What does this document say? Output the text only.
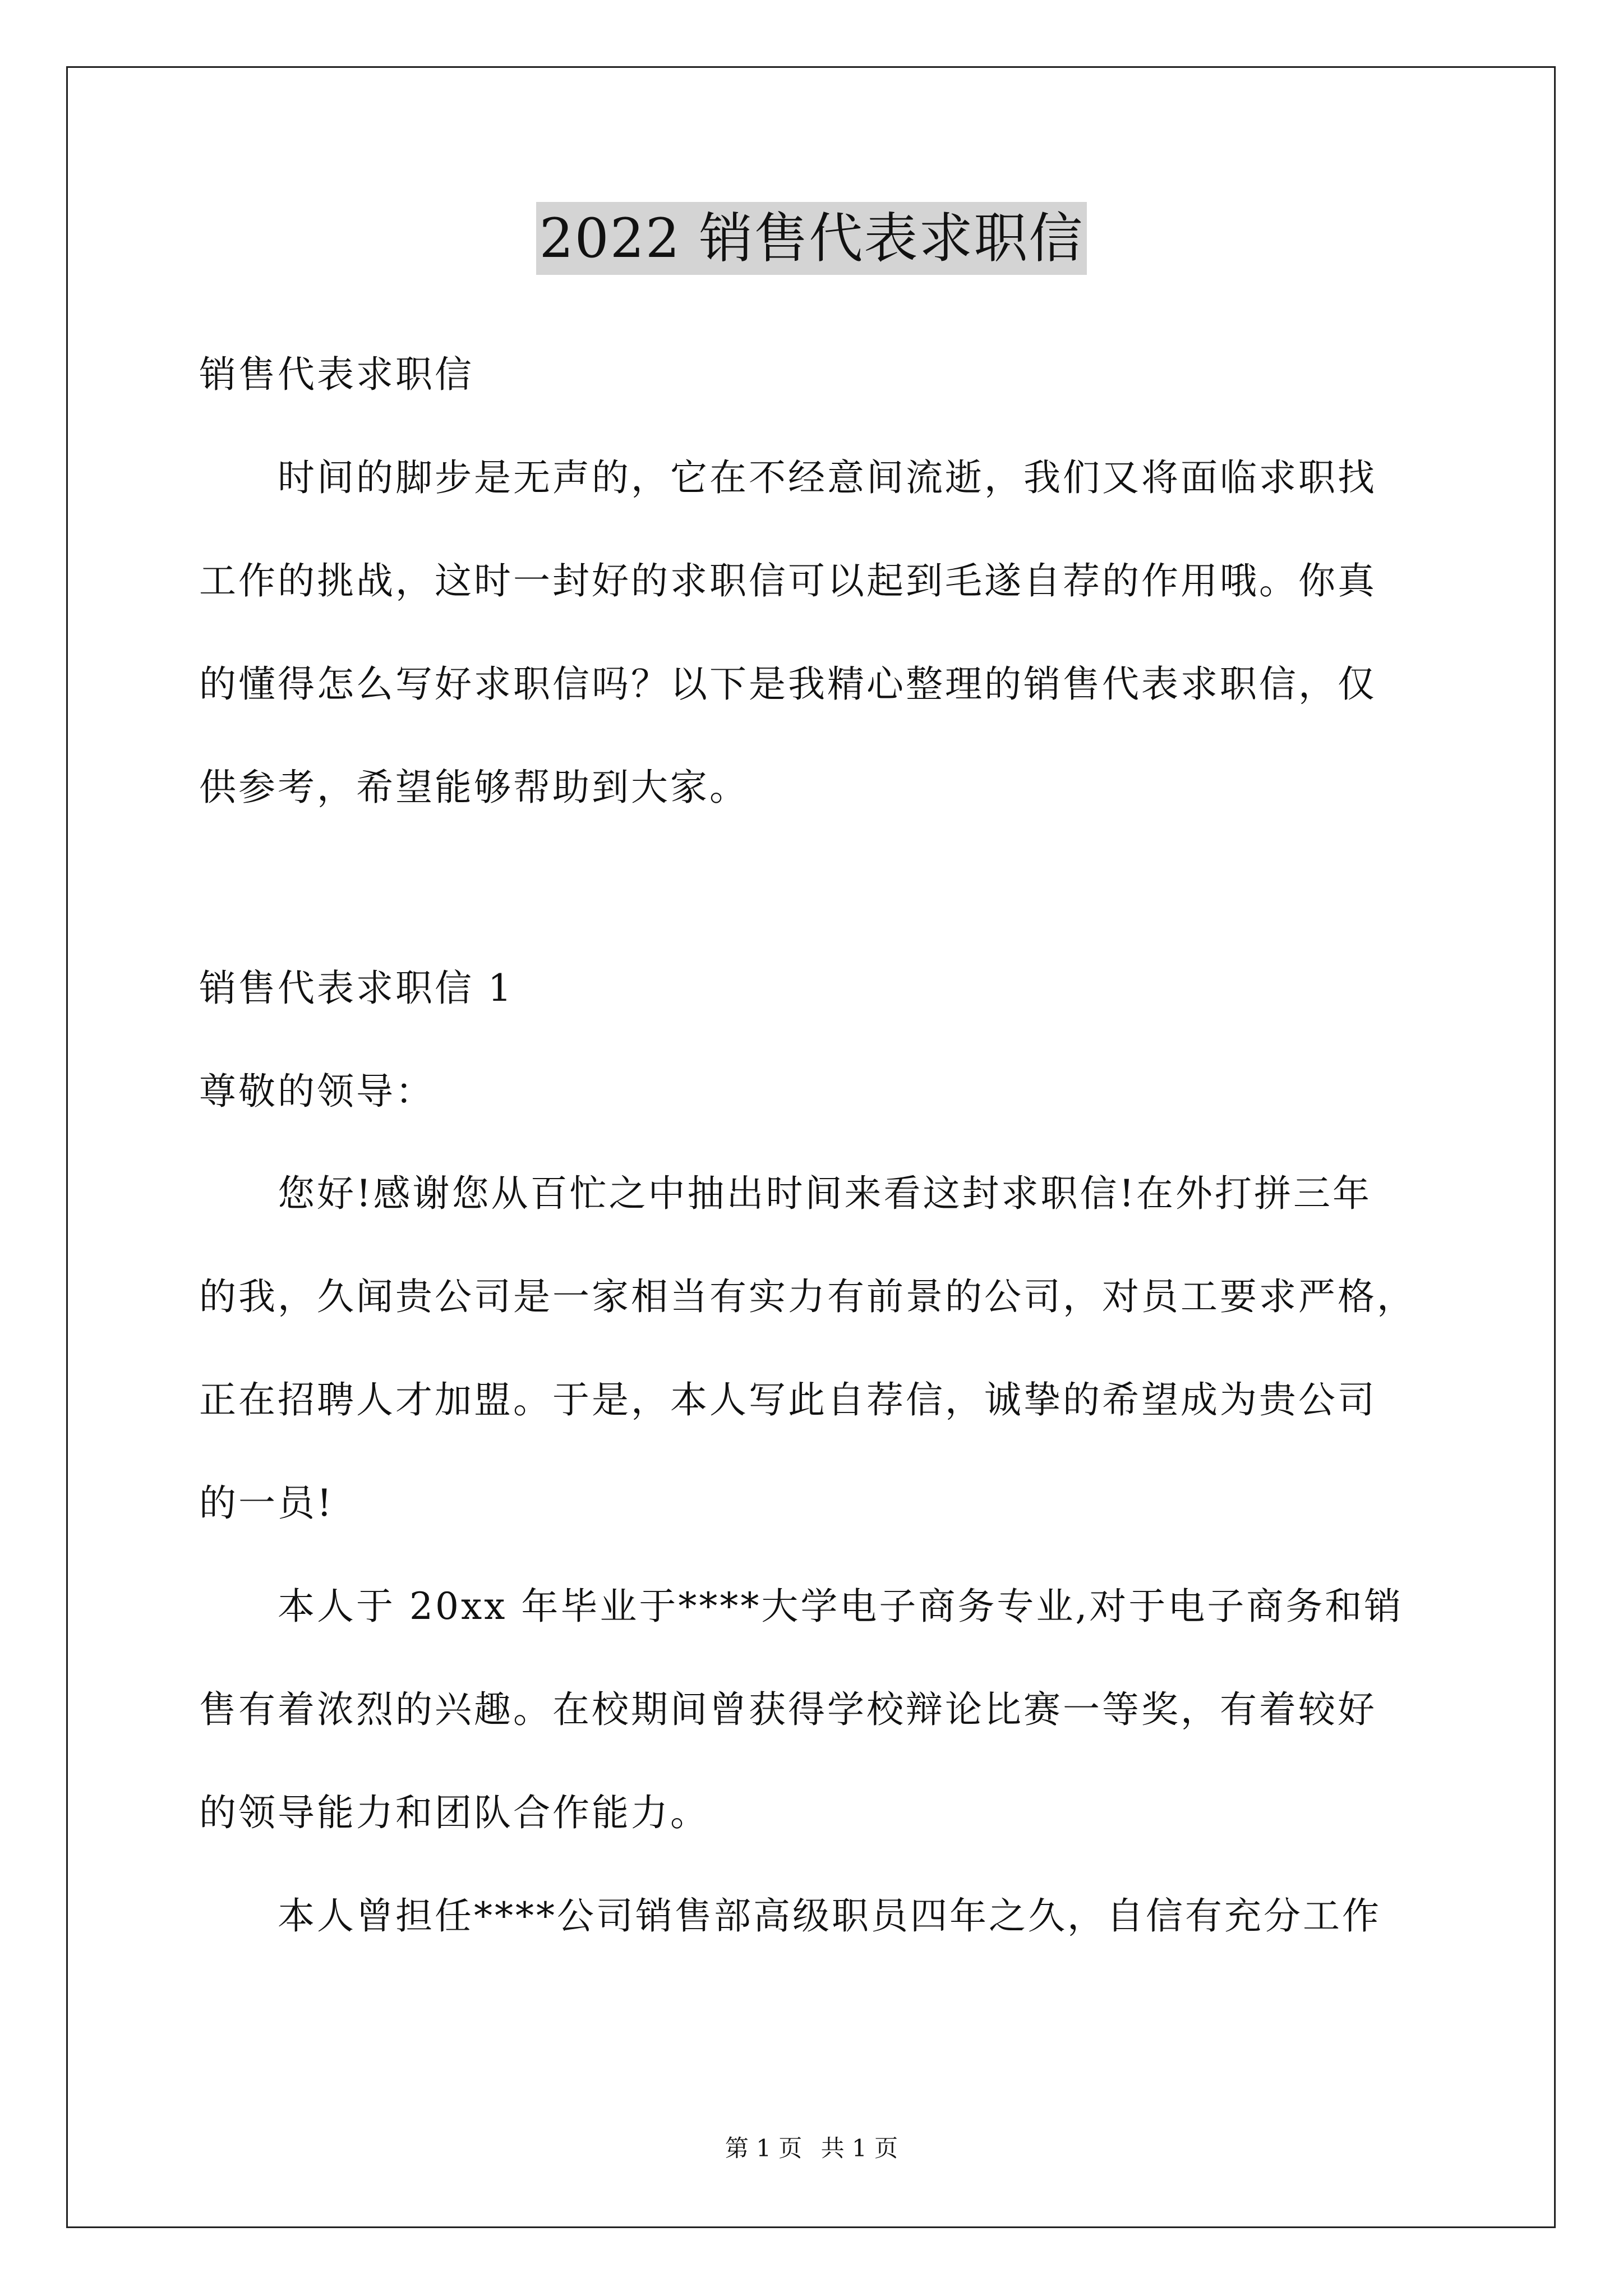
2022 销售代表求职信

销售代表求职信

时间的脚步是无声的，它在不经意间流逝，我们又将面临求职找

工作的挑战，这时一封好的求职信可以起到毛遂自荐的作用哦。你真

的懂得怎么写好求职信吗？以下是我精心整理的销售代表求职信，仅

供参考，希望能够帮助到大家。

销售代表求职信 1

尊敬的领导：

您好!感谢您从百忙之中抽出时间来看这封求职信!在外打拼三年

的我，久闻贵公司是一家相当有实力有前景的公司，对员工要求严格，

正在招聘人才加盟。于是，本人写此自荐信，诚挚的希望成为贵公司

的一员!

本人于 20xx 年毕业于****大学电子商务专业,对于电子商务和销

售有着浓烈的兴趣。在校期间曾获得学校辩论比赛一等奖，有着较好

的领导能力和团队合作能力。

本人曾担任****公司销售部高级职员四年之久，自信有充分工作

第 1 页 共 1 页
